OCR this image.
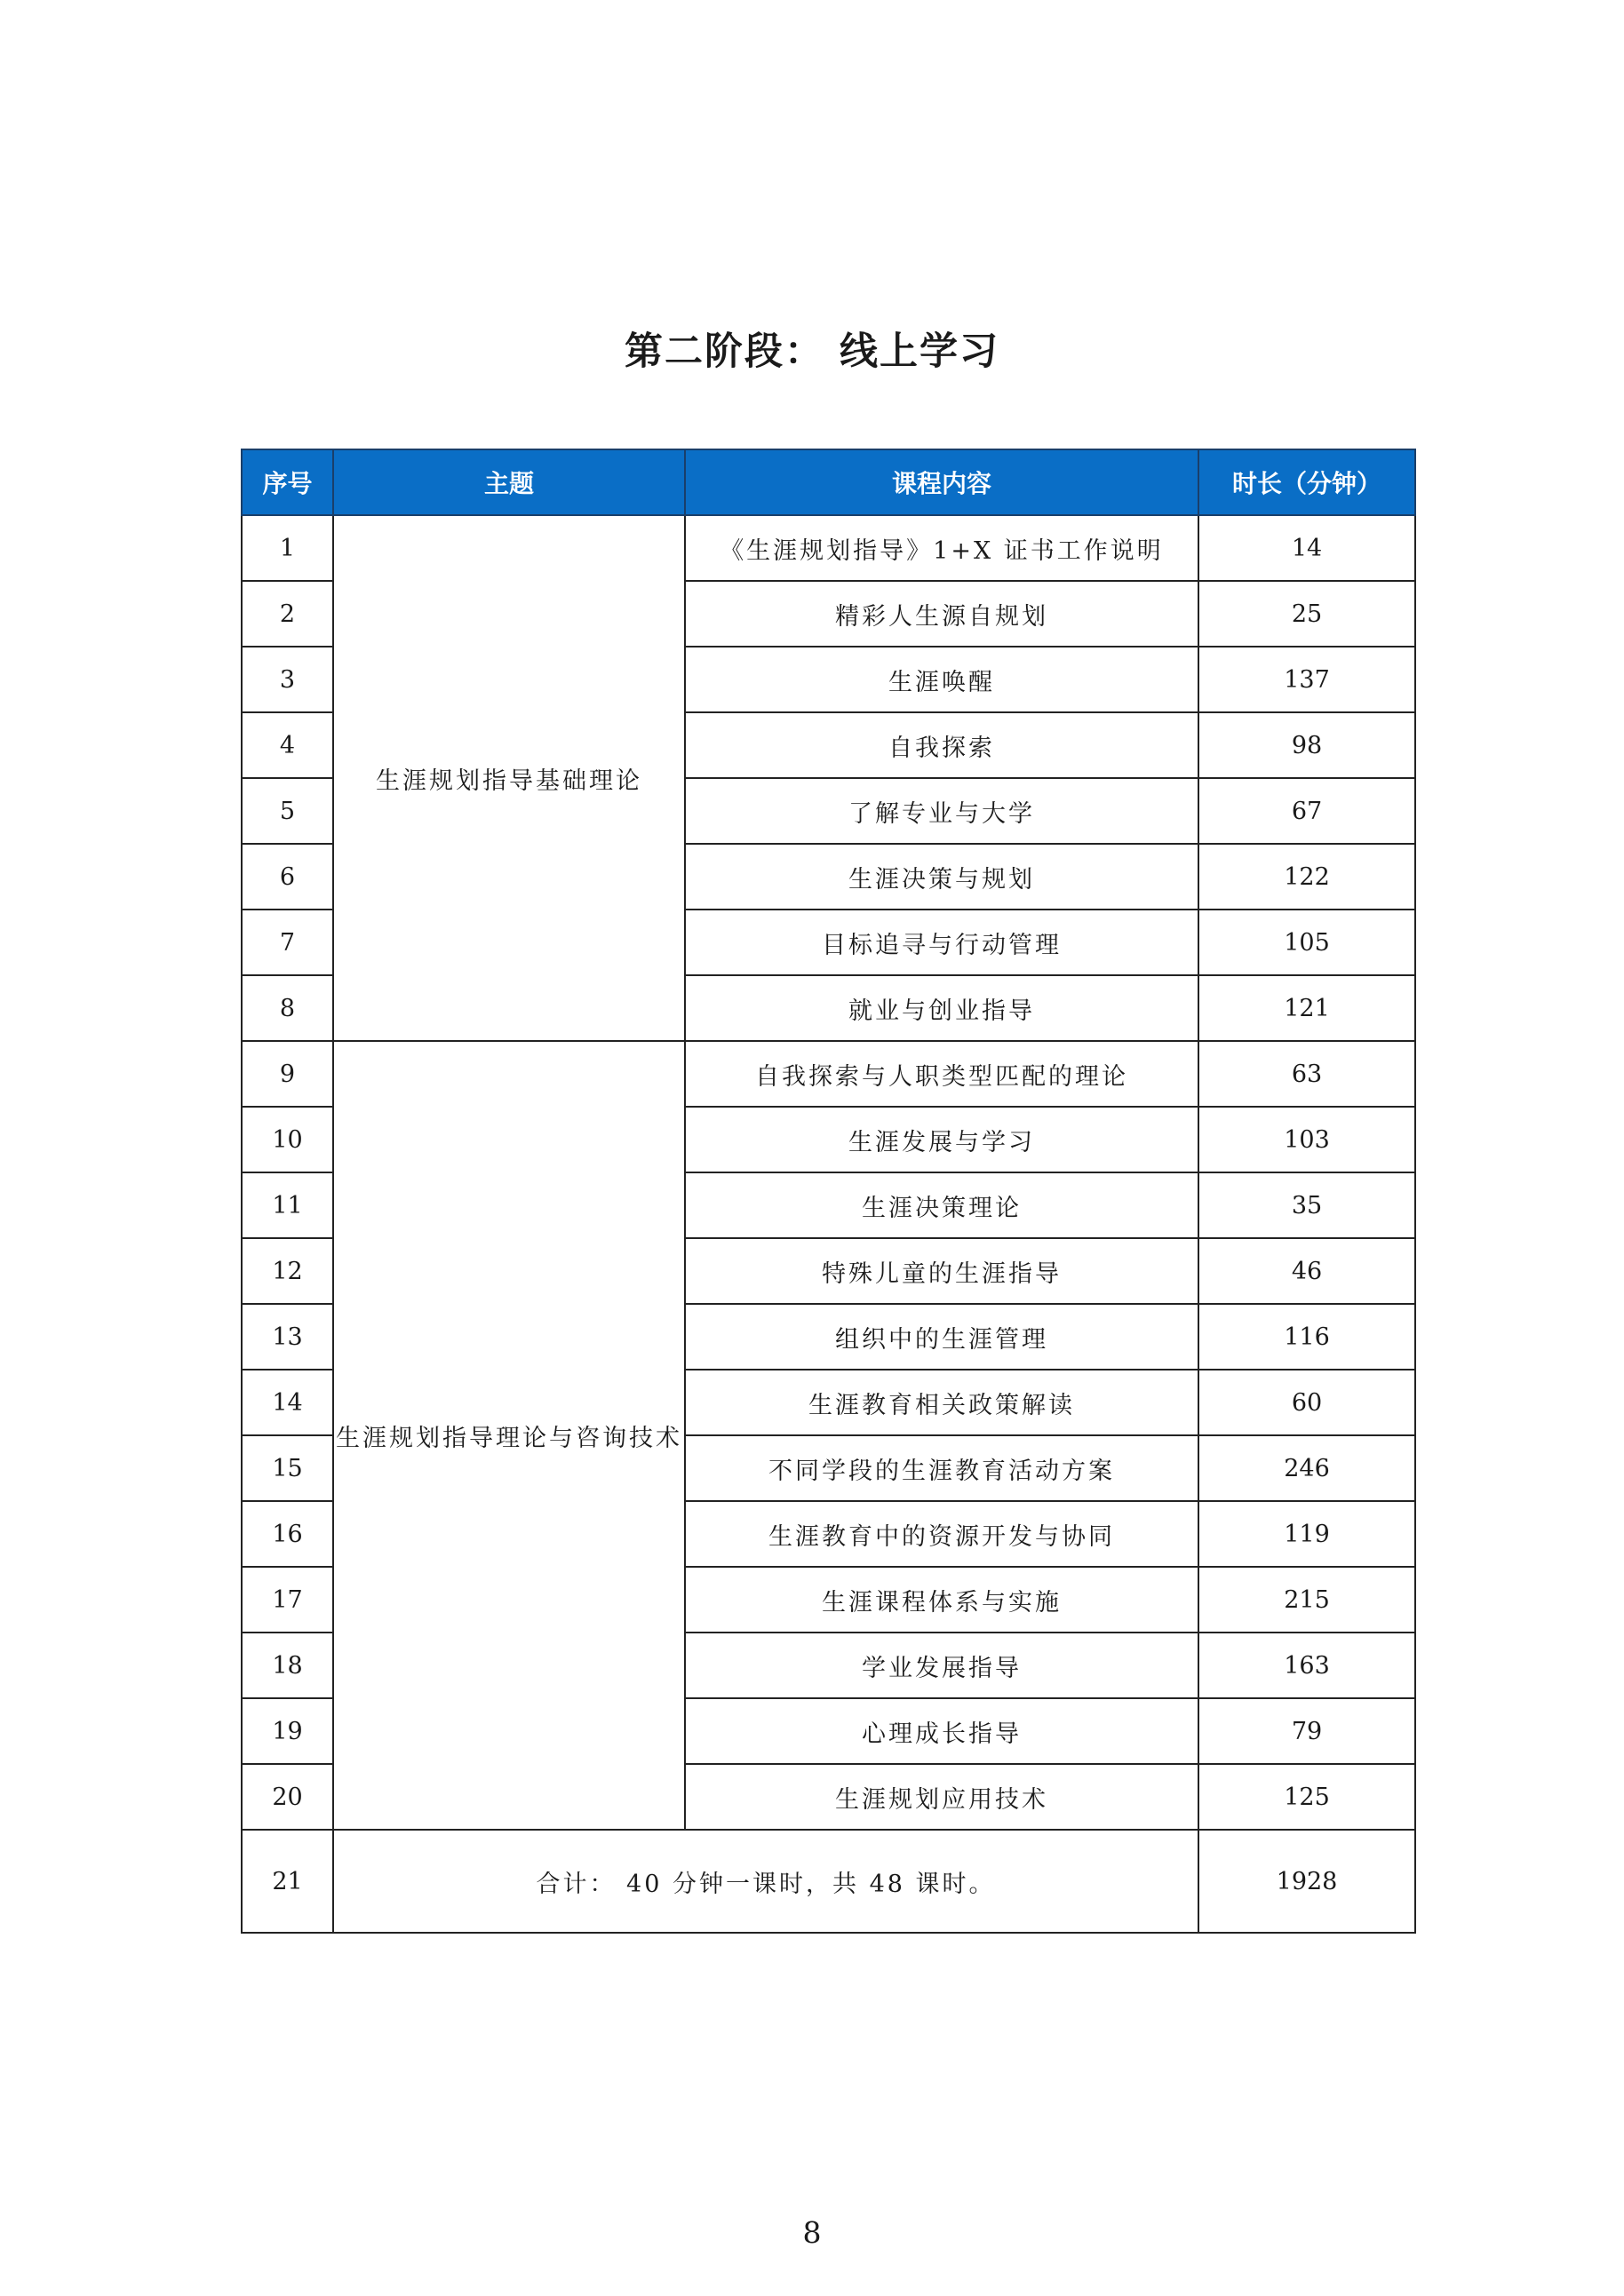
第二阶段： 线上学习
序号	主题	课程内容	时长（分钟）
1	生涯规划指导基础理论	《生涯规划指导》1+X 证书工作说明	14
2		精彩人生源自规划	25
3		生涯唤醒	137
4		自我探索	98
5		了解专业与大学	67
6		生涯决策与规划	122
7		目标追寻与行动管理	105
8		就业与创业指导	121
9	生涯规划指导理论与咨询技术	自我探索与人职类型匹配的理论	63
10		生涯发展与学习	103
11		生涯决策理论	35
12		特殊儿童的生涯指导	46
13		组织中的生涯管理	116
14		生涯教育相关政策解读	60
15		不同学段的生涯教育活动方案	246
16		生涯教育中的资源开发与协同	119
17		生涯课程体系与实施	215
18		学业发展指导	163
19		心理成长指导	79
20		生涯规划应用技术	125
21	合计： 40 分钟一课时，共 48 课时。		1928
8
